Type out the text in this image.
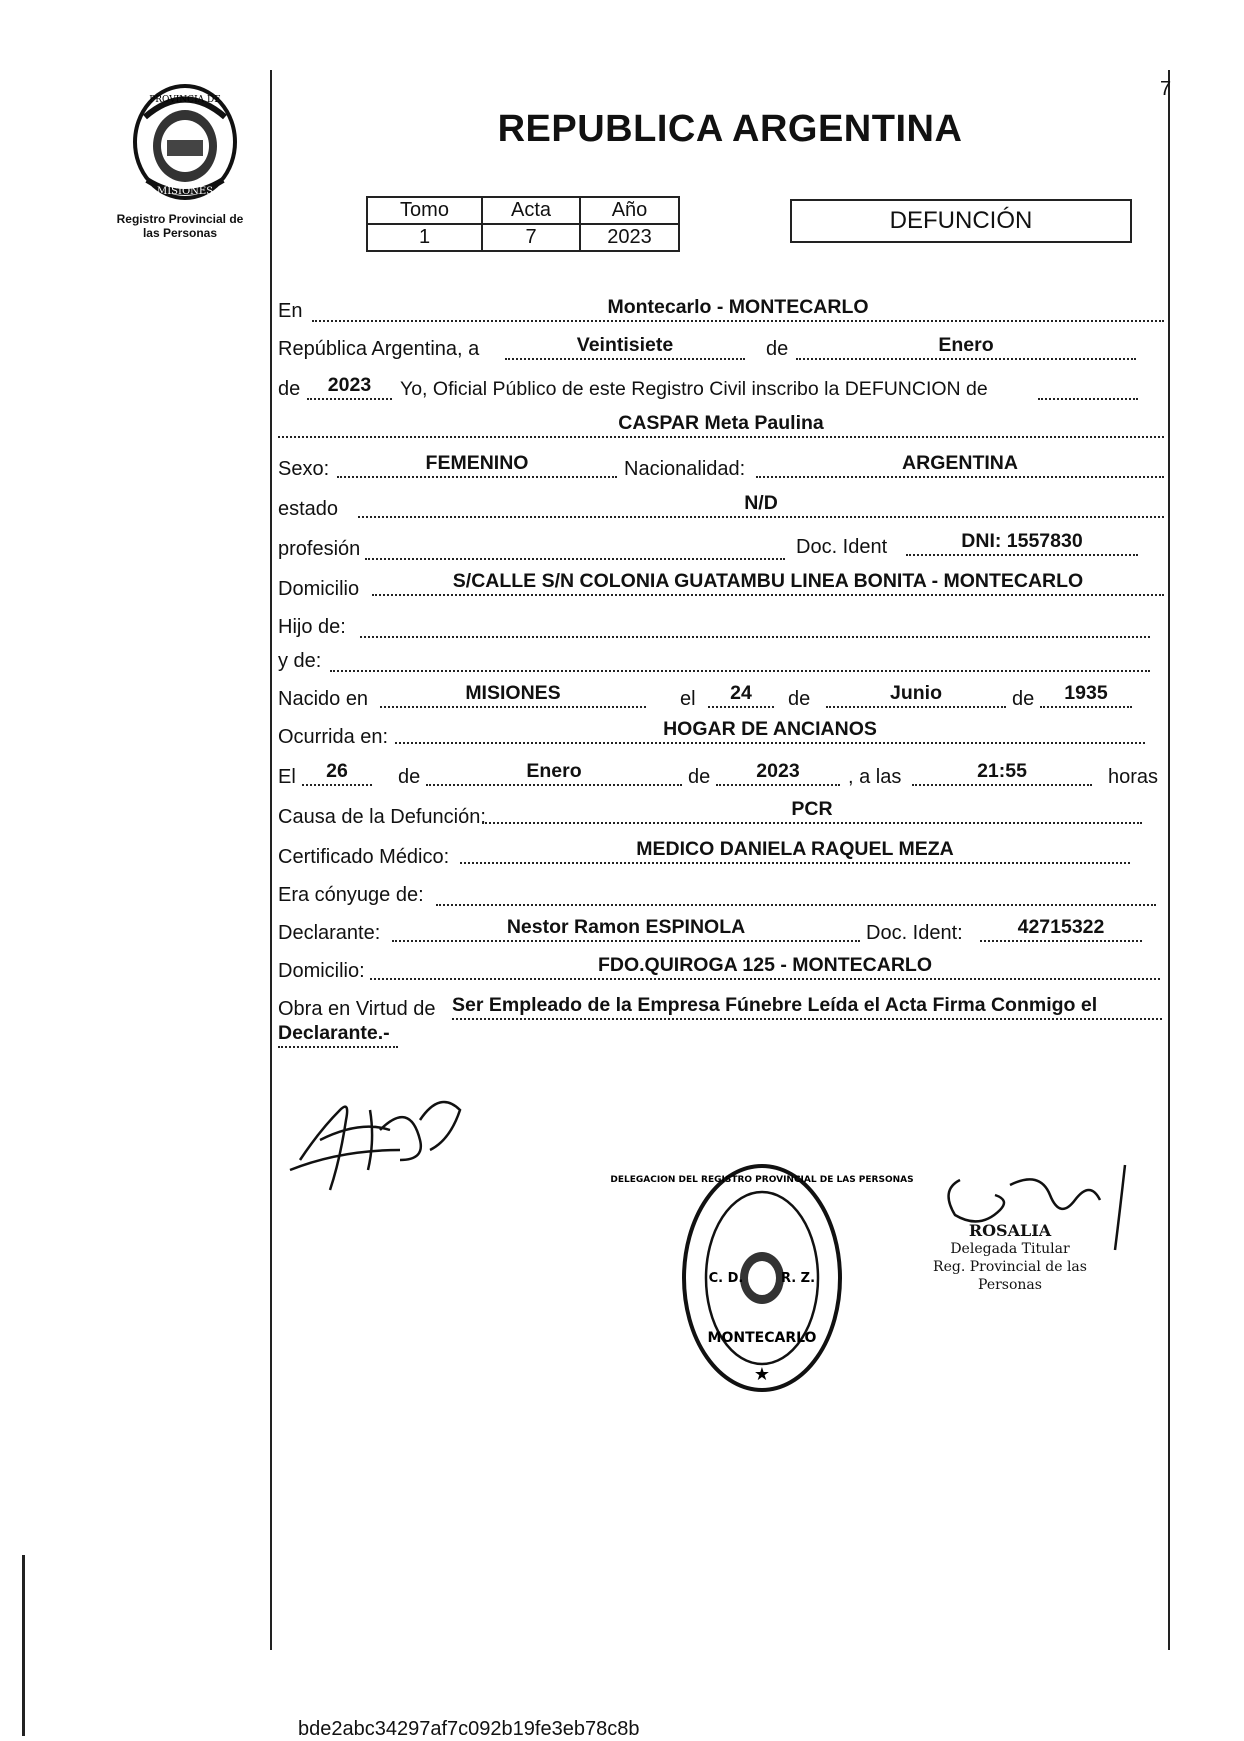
PROVINCIA DE
MISIONES
Registro Provincial de
las Personas
7
REPUBLICA ARGENTINA
Tomo	Acta	Año
1	7	2023
DEFUNCIÓN
En	Montecarlo - MONTECARLO
República Argentina, a	Veintisiete	de	Enero
de	2023	Yo, Oficial Público de este Registro Civil inscribo la DEFUNCION de
CASPAR Meta Paulina
Sexo:	FEMENINO	Nacionalidad:	ARGENTINA
estado	N/D
profesión	Doc. Ident	DNI: 1557830
Domicilio	S/CALLE S/N COLONIA GUATAMBU LINEA BONITA - MONTECARLO
Hijo de:
y de:
Nacido en	MISIONES	el	24	de	Junio	de	1935
Ocurrida en:	HOGAR DE ANCIANOS
El	26	de	Enero	de	2023	, a las	21:55	horas
Causa de la Defunción:	PCR
Certificado Médico:	MEDICO DANIELA RAQUEL MEZA
Era cónyuge de:
Declarante:	Nestor Ramon ESPINOLA	Doc. Ident:	42715322
Domicilio:	FDO.QUIROGA 125 - MONTECARLO
Obra en Virtud de Ser Empleado de la Empresa Fúnebre Leída el Acta Firma Conmigo el
Declarante.-
C. D.	R. Z.
MONTECARLO
DELEGACION DEL REGISTRO PROVINCIAL DE LAS PERSONAS
★
ROSALIA
Delegada Titular
Reg. Provincial de las Personas
bde2abc34297af7c092b19fe3eb78c8b
